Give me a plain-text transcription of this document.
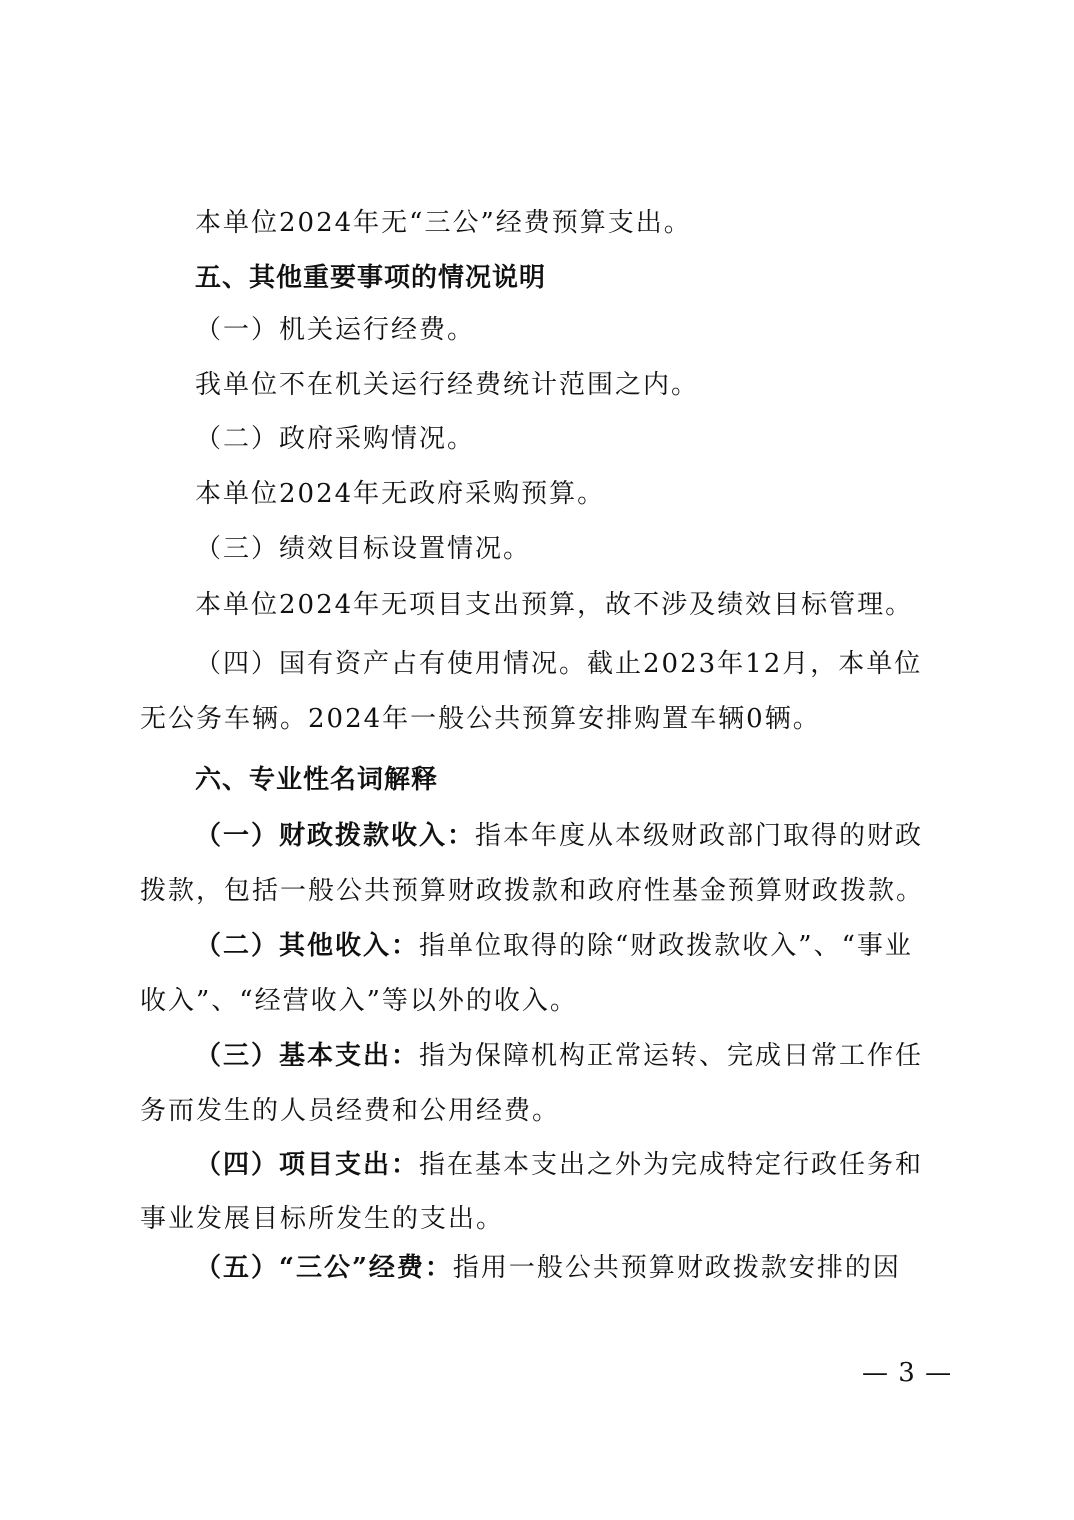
本单位2024年无“三公”经费预算支出。
五、其他重要事项的情况说明
（一）机关运行经费。
我单位不在机关运行经费统计范围之内。
（二）政府采购情况。
本单位2024年无政府采购预算。
（三）绩效目标设置情况。
本单位2024年无项目支出预算，故不涉及绩效目标管理。
（四）国有资产占有使用情况。截止2023年12月，本单位
无公务车辆。2024年一般公共预算安排购置车辆0辆。
六、专业性名词解释
（一）财政拨款收入：指本年度从本级财政部门取得的财政
拨款，包括一般公共预算财政拨款和政府性基金预算财政拨款。
（二）其他收入：指单位取得的除“财政拨款收入”、“事业
收入”、“经营收入”等以外的收入。
（三）基本支出：指为保障机构正常运转、完成日常工作任
务而发生的人员经费和公用经费。
（四）项目支出：指在基本支出之外为完成特定行政任务和
事业发展目标所发生的支出。
（五）“三公”经费：指用一般公共预算财政拨款安排的因
— 3 —
